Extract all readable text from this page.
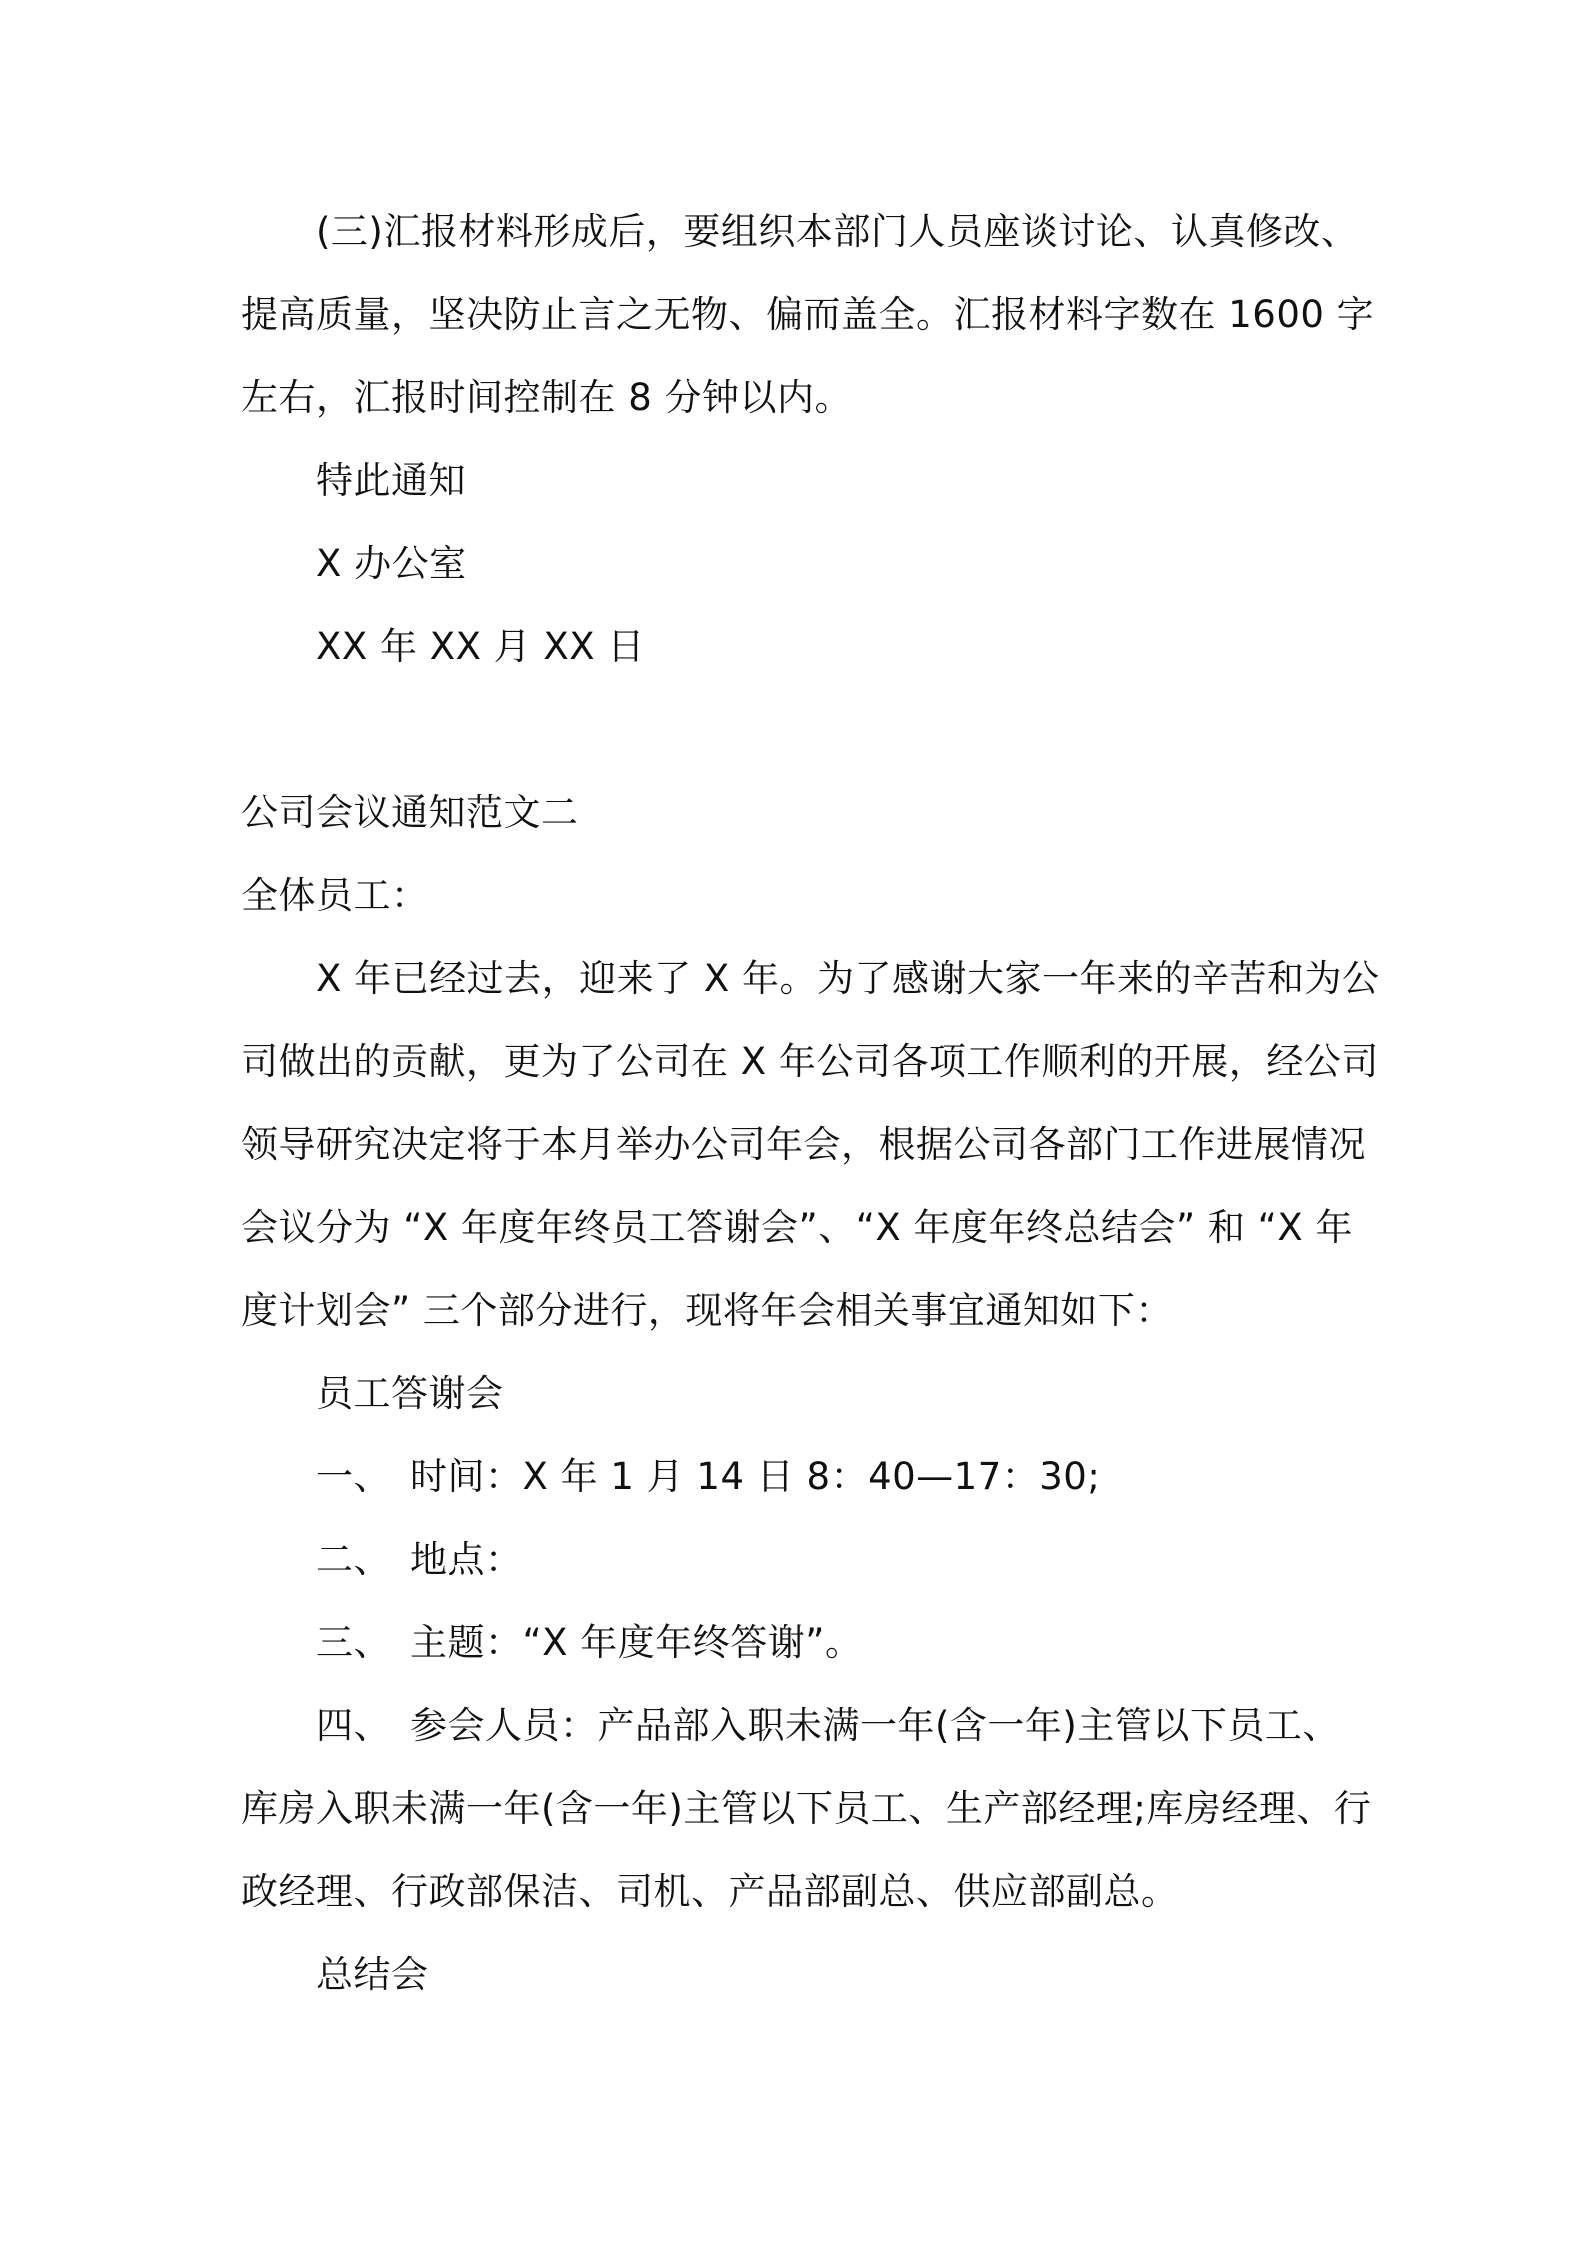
(三)汇报材料形成后，要组织本部门人员座谈讨论、认真修改、

提高质量，坚决防止言之无物、偏而盖全。汇报材料字数在 1600 字

左右，汇报时间控制在 8 分钟以内。

特此通知

X 办公室

XX 年 XX 月 XX 日

公司会议通知范文二

全体员工：

X 年已经过去，迎来了 X 年。为了感谢大家一年来的辛苦和为公

司做出的贡献，更为了公司在 X 年公司各项工作顺利的开展，经公司

领导研究决定将于本月举办公司年会，根据公司各部门工作进展情况

会议分为 “X 年度年终员工答谢会”、“X 年度年终总结会” 和 “X 年

度计划会” 三个部分进行，现将年会相关事宜通知如下：

员工答谢会

一、 时间：X 年 1 月 14 日 8：40—17：30;

二、 地点：

三、 主题：“X 年度年终答谢”。

四、 参会人员：产品部入职未满一年(含一年)主管以下员工、

库房入职未满一年(含一年)主管以下员工、生产部经理;库房经理、行

政经理、行政部保洁、司机、产品部副总、供应部副总。

总结会
